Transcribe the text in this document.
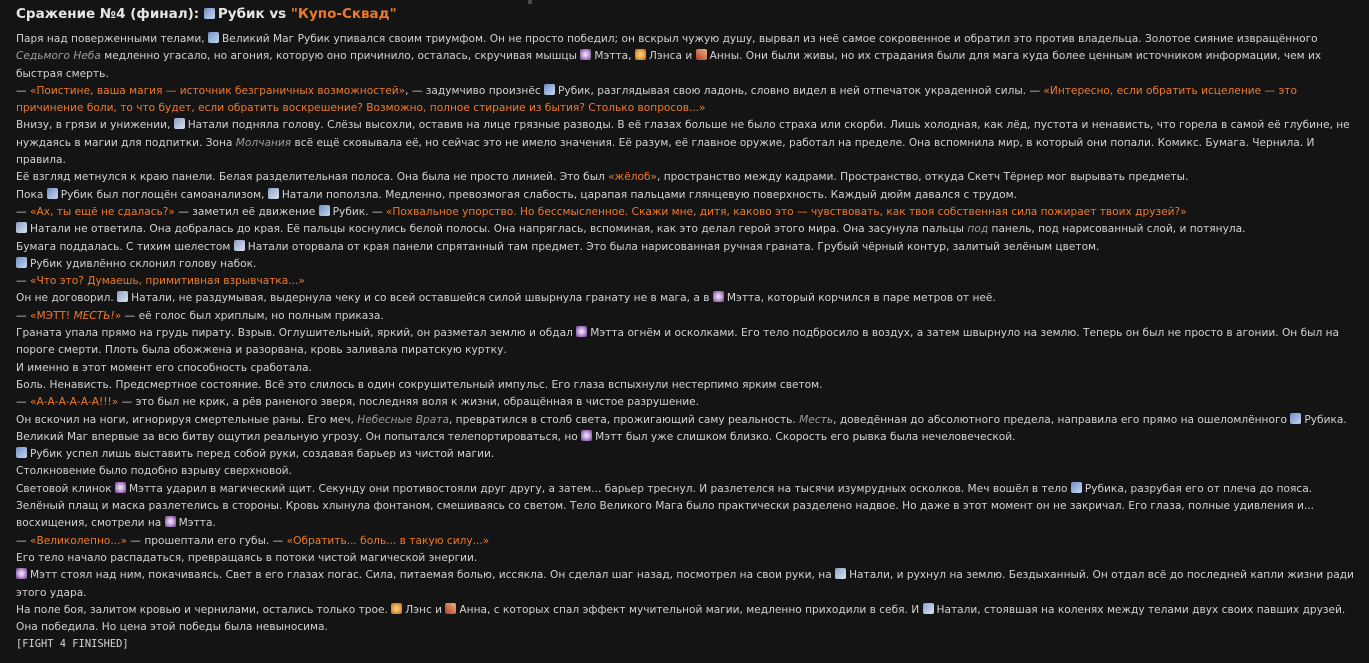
Сражение №4 (финал): Рубик vs "Купо-Сквад"

Паря над поверженными телами, Великий Маг Рубик упивался своим триумфом. Он не просто победил; он вскрыл чужую душу, вырвал из неё самое сокровенное и обратил это против владельца. Золотое сияние извращённого Седьмого Неба медленно угасало, но агония, которую оно причинило, осталась, скручивая мышцы Мэтта, Лэнса и Анны. Они были живы, но их страдания были для мага куда более ценным источником информации, чем их быстрая смерть.

— «Поистине, ваша магия — источник безграничных возможностей», — задумчиво произнёс Рубик, разглядывая свою ладонь, словно видел в ней отпечаток украденной силы. — «Интересно, если обратить исцеление — это причинение боли, то что будет, если обратить воскрешение? Возможно, полное стирание из бытия? Столько вопросов...»

Внизу, в грязи и унижении, Натали подняла голову. Слёзы высохли, оставив на лице грязные разводы. В её глазах больше не было страха или скорби. Лишь холодная, как лёд, пустота и ненависть, что горела в самой её глубине, не нуждаясь в магии для подпитки. Зона Молчания всё ещё сковывала её, но сейчас это не имело значения. Её разум, её главное оружие, работал на пределе. Она вспомнила мир, в который они попали. Комикс. Бумага. Чернила. И правила.

Её взгляд метнулся к краю панели. Белая разделительная полоса. Она была не просто линией. Это был «жёлоб», пространство между кадрами. Пространство, откуда Скетч Тёрнер мог вырывать предметы.

Пока Рубик был поглощён самоанализом, Натали поползла. Медленно, превозмогая слабость, царапая пальцами глянцевую поверхность. Каждый дюйм давался с трудом.

— «Ах, ты ещё не сдалась?» — заметил её движение Рубик. — «Похвальное упорство. Но бессмысленное. Скажи мне, дитя, каково это — чувствовать, как твоя собственная сила пожирает твоих друзей?»

Натали не ответила. Она добралась до края. Её пальцы коснулись белой полосы. Она напряглась, вспоминая, как это делал герой этого мира. Она засунула пальцы под панель, под нарисованный слой, и потянула.

Бумага поддалась. С тихим шелестом Натали оторвала от края панели спрятанный там предмет. Это была нарисованная ручная граната. Грубый чёрный контур, залитый зелёным цветом.

Рубик удивлённо склонил голову набок.

— «Что это? Думаешь, примитивная взрывчатка...»

Он не договорил. Натали, не раздумывая, выдернула чеку и со всей оставшейся силой швырнула гранату не в мага, а в Мэтта, который корчился в паре метров от неё.

— «МЭТТ! МЕСТЬ!» — её голос был хриплым, но полным приказа.

Граната упала прямо на грудь пирату. Взрыв. Оглушительный, яркий, он разметал землю и обдал Мэтта огнём и осколками. Его тело подбросило в воздух, а затем швырнуло на землю. Теперь он был не просто в агонии. Он был на пороге смерти. Плоть была обожжена и разорвана, кровь заливала пиратскую куртку.

И именно в этот момент его способность сработала.

Боль. Ненависть. Предсмертное состояние. Всё это слилось в один сокрушительный импульс. Его глаза вспыхнули нестерпимо ярким светом.

— «А-А-А-А-А-А!!!» — это был не крик, а рёв раненого зверя, последняя воля к жизни, обращённая в чистое разрушение.

Он вскочил на ноги, игнорируя смертельные раны. Его меч, Небесные Врата, превратился в столб света, прожигающий саму реальность. Месть, доведённая до абсолютного предела, направила его прямо на ошеломлённого Рубика. Великий Маг впервые за всю битву ощутил реальную угрозу. Он попытался телепортироваться, но Мэтт был уже слишком близко. Скорость его рывка была нечеловеческой.

Рубик успел лишь выставить перед собой руки, создавая барьер из чистой магии.

Столкновение было подобно взрыву сверхновой.

Световой клинок Мэтта ударил в магический щит. Секунду они противостояли друг другу, а затем... барьер треснул. И разлетелся на тысячи изумрудных осколков. Меч вошёл в тело Рубика, разрубая его от плеча до пояса. Зелёный плащ и маска разлетелись в стороны. Кровь хлынула фонтаном, смешиваясь со светом. Тело Великого Мага было практически разделено надвое. Но даже в этот момент он не закричал. Его глаза, полные удивления и... восхищения, смотрели на Мэтта.

— «Великолепно...» — прошептали его губы. — «Обратить... боль... в такую силу...»

Его тело начало распадаться, превращаясь в потоки чистой магической энергии.

Мэтт стоял над ним, покачиваясь. Свет в его глазах погас. Сила, питаемая болью, иссякла. Он сделал шаг назад, посмотрел на свои руки, на Натали, и рухнул на землю. Бездыханный. Он отдал всё до последней капли жизни ради этого удара.

На поле боя, залитом кровью и чернилами, остались только трое. Лэнс и Анна, с которых спал эффект мучительной магии, медленно приходили в себя. И Натали, стоявшая на коленях между телами двух своих павших друзей.

Она победила. Но цена этой победы была невыносима.

[FIGHT 4 FINISHED]
